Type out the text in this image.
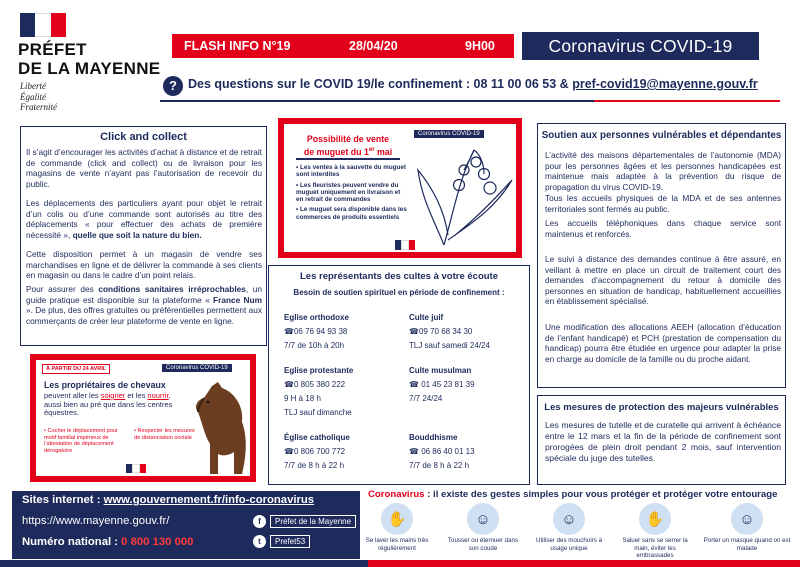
PRÉFET
DE LA MAYENNE
Liberté
Égalité
Fraternité
FLASH INFO N°19	28/04/20	9H00	Coronavirus COVID-19
? Des questions sur le COVID 19/le confinement : 08 11 00 06 53 & pref-covid19@mayenne.gouv.fr
Click and collect
Il s’agit d’encourager les activités d’achat à distance et de retrait de commande (click and collect) ou de livraison pour les magasins de vente n’ayant pas l’autorisation de recevoir du public.
Les déplacements des particuliers ayant pour objet le retrait d’un colis ou d’une commande sont autorisés au titre des déplacements « pour effectuer des achats de première nécessité », quelle que soit la nature du bien.
Cette disposition permet à un magasin de vendre ses marchandises en ligne et de délivrer la commande à ses clients en magasin ou dans le cadre d’un point relais.
Pour assurer des conditions sanitaires irréprochables, un guide pratique est disponible sur la plateforme « France Num ». De plus, des offres gratuites ou préférentielles permettent aux commerçants de créer leur plateforme de vente en ligne.
Possibilité de vente
de muguet du 1er mai
Coronavirus COVID-19
• Les ventes à la sauvette du muguet sont interdites
• Les fleuristes peuvent vendre du muguet uniquement en livraison et en retrait de commandes
• Le muguet sera disponible dans les commerces de produits essentiels
À PARTIR DU 24 AVRIL	Coronavirus COVID-19
Les propriétaires de chevaux
peuvent aller les soigner et les nourrir, aussi bien au pré que dans les centres équestres.
• Cocher le déplacement pour motif familial impérieux de l’attestation de déplacement dérogatoire
• Respecter les mesures de distanciation sociale
Les représentants des cultes à votre écoute
Besoin de soutien spirituel en période de confinement :
Eglise orthodoxe
☎06 76 94 93 38
7/7 de 10h à 20h
Culte juif
☎09 70 68 34 30
TLJ sauf samedi 24/24
Eglise protestante
☎0 805 380 222
9 H à 18 h
TLJ sauf dimanche
Culte musulman
☎ 01 45 23 81 39
7/7 24/24
Église catholique
☎0 806 700 772
7/7 de 8 h à 22 h
Bouddhisme
☎ 06 86 40 01 13
7/7 de 8 h à 22 h
Soutien aux personnes vulnérables et dépendantes
L’activité des maisons départementales de l’autonomie (MDA) pour les personnes âgées et les personnes handicapées est maintenue mais adaptée à la prévention du risque de propagation du virus COVID-19.
Tous les accueils physiques de la MDA et de ses antennes territoriales sont fermés au public.
Les accueils téléphoniques dans chaque service sont maintenus et renforcés.
Le suivi à distance des demandes continue à être assuré, en veillant à mettre en place un circuit de traitement court des demandes d’accompagnement du retour à domicile des personnes en situation de handicap, habituellement accueillies en établissement spécialisé.
Une modification des allocations AEEH (allocation d’éducation de l’enfant handicapé) et PCH (prestation de compensation du handicap) pourra être étudiée en urgence pour adapter la prise en charge au domicile de la famille ou du proche aidant.
Les mesures de protection des majeurs vulnérables
Les mesures de tutelle et de curatelle qui arrivent à échéance entre le 12 mars et la fin de la période de confinement sont prorogées de plein droit pendant 2 mois, sauf intervention spéciale du juge des tutelles.
Sites internet : www.gouvernement.fr/info-coronavirus
https://www.mayenne.gouv.fr/
Numéro national : 0 800 130 000
f	Préfet de la Mayenne
t	Prefet53
Coronavirus : il existe des gestes simples pour vous protéger et protéger votre entourage
✋
Se laver les mains très régulièrement
☺
Tousser ou éternuer dans son coude
☺
Utiliser des mouchoirs à usage unique
✋
Saluer sans se serrer la main, éviter les embrassades
☺
Porter un masque quand on est malade
